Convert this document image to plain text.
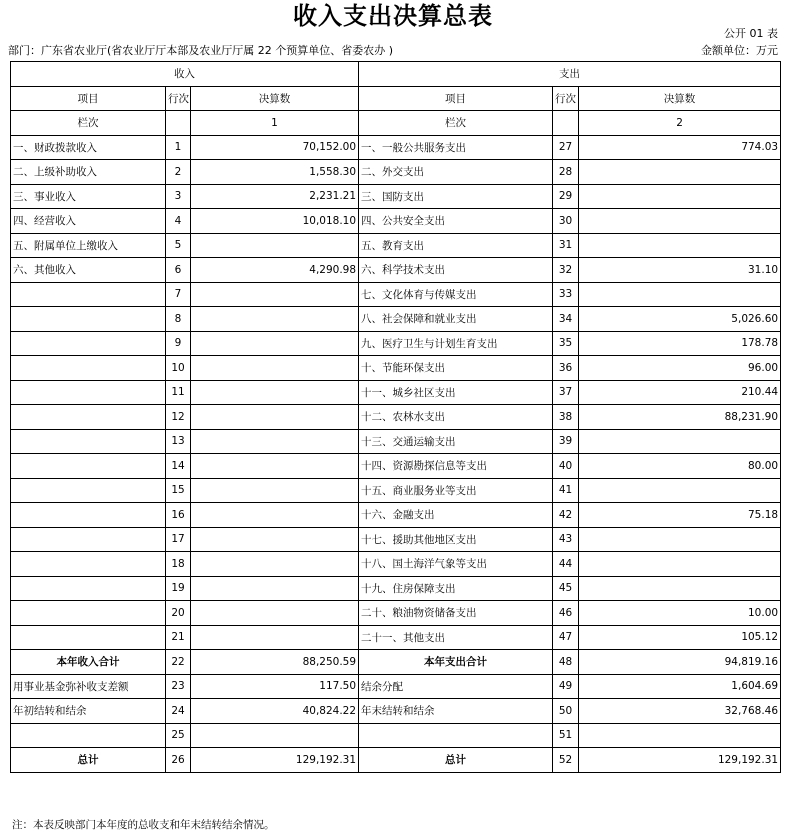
收入支出决算总表
公开 01 表
部门：广东省农业厅(省农业厅厅本部及农业厅厅属 22 个预算单位、省委农办 )	金额单位：万元
收入			支出		
项目	行次	决算数	项目	行次	决算数
栏次		1	栏次		2
一、财政拨款收入	1	70,152.00	一、一般公共服务支出	27	774.03
二、上级补助收入	2	1,558.30	二、外交支出	28	
三、事业收入	3	2,231.21	三、国防支出	29	
四、经营收入	4	10,018.10	四、公共安全支出	30	
五、附属单位上缴收入	5		五、教育支出	31	
六、其他收入	6	4,290.98	六、科学技术支出	32	31.10
	7		七、文化体育与传媒支出	33	
	8		八、社会保障和就业支出	34	5,026.60
	9		九、医疗卫生与计划生育支出	35	178.78
	10		十、节能环保支出	36	96.00
	11		十一、城乡社区支出	37	210.44
	12		十二、农林水支出	38	88,231.90
	13		十三、交通运输支出	39	
	14		十四、资源勘探信息等支出	40	80.00
	15		十五、商业服务业等支出	41	
	16		十六、金融支出	42	75.18
	17		十七、援助其他地区支出	43	
	18		十八、国土海洋气象等支出	44	
	19		十九、住房保障支出	45	
	20		二十、粮油物资储备支出	46	10.00
	21		二十一、其他支出	47	105.12
本年收入合计	22	88,250.59	本年支出合计	48	94,819.16
用事业基金弥补收支差额	23	117.50	结余分配	49	1,604.69
年初结转和结余	24	40,824.22	年末结转和结余	50	32,768.46
	25			51	
总计	26	129,192.31	总计	52	129,192.31
注：本表反映部门本年度的总收支和年末结转结余情况。
